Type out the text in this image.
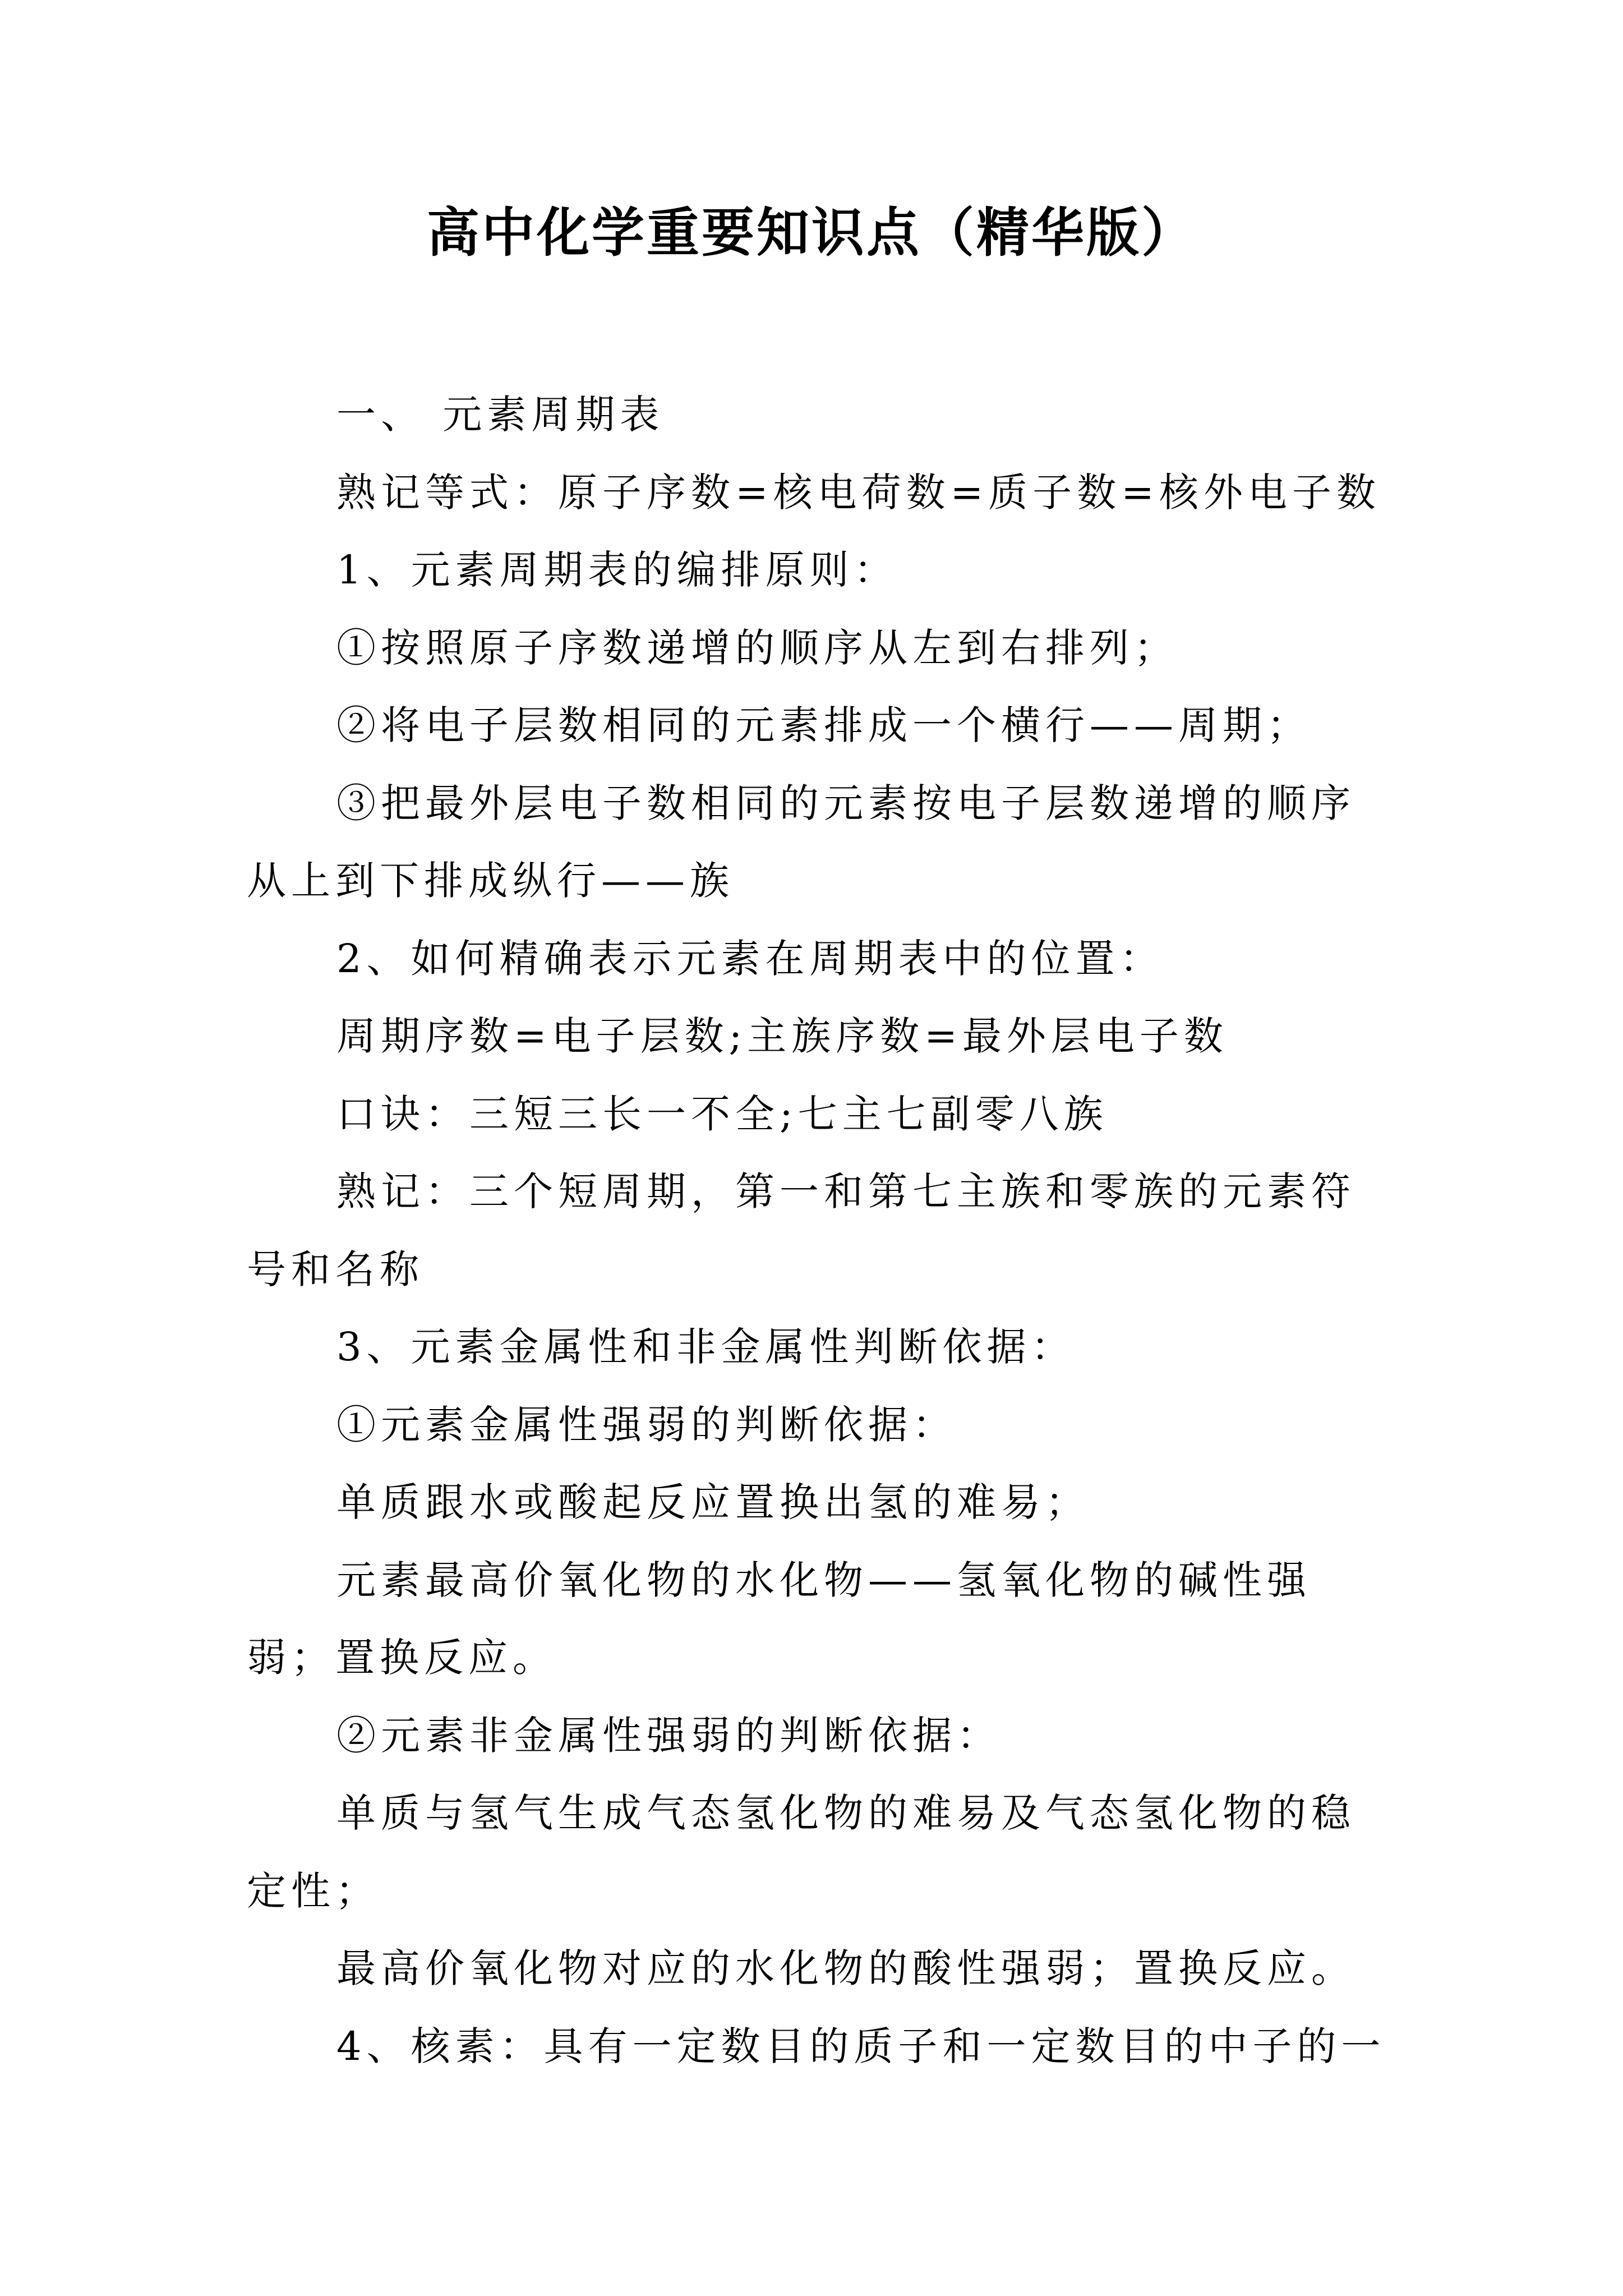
高中化学重要知识点（精华版）

一、 元素周期表

熟记等式：原子序数=核电荷数=质子数=核外电子数

1、元素周期表的编排原则：

①按照原子序数递增的顺序从左到右排列；

②将电子层数相同的元素排成一个横行——周期；

③把最外层电子数相同的元素按电子层数递增的顺序从上到下排成纵行——族

2、如何精确表示元素在周期表中的位置：

周期序数=电子层数;主族序数=最外层电子数

口诀：三短三长一不全;七主七副零八族

熟记：三个短周期，第一和第七主族和零族的元素符号和名称

3、元素金属性和非金属性判断依据：

①元素金属性强弱的判断依据：

单质跟水或酸起反应置换出氢的难易；

元素最高价氧化物的水化物——氢氧化物的碱性强弱；置换反应。

②元素非金属性强弱的判断依据：

单质与氢气生成气态氢化物的难易及气态氢化物的稳定性；

最高价氧化物对应的水化物的酸性强弱；置换反应。

4、核素：具有一定数目的质子和一定数目的中子的一
